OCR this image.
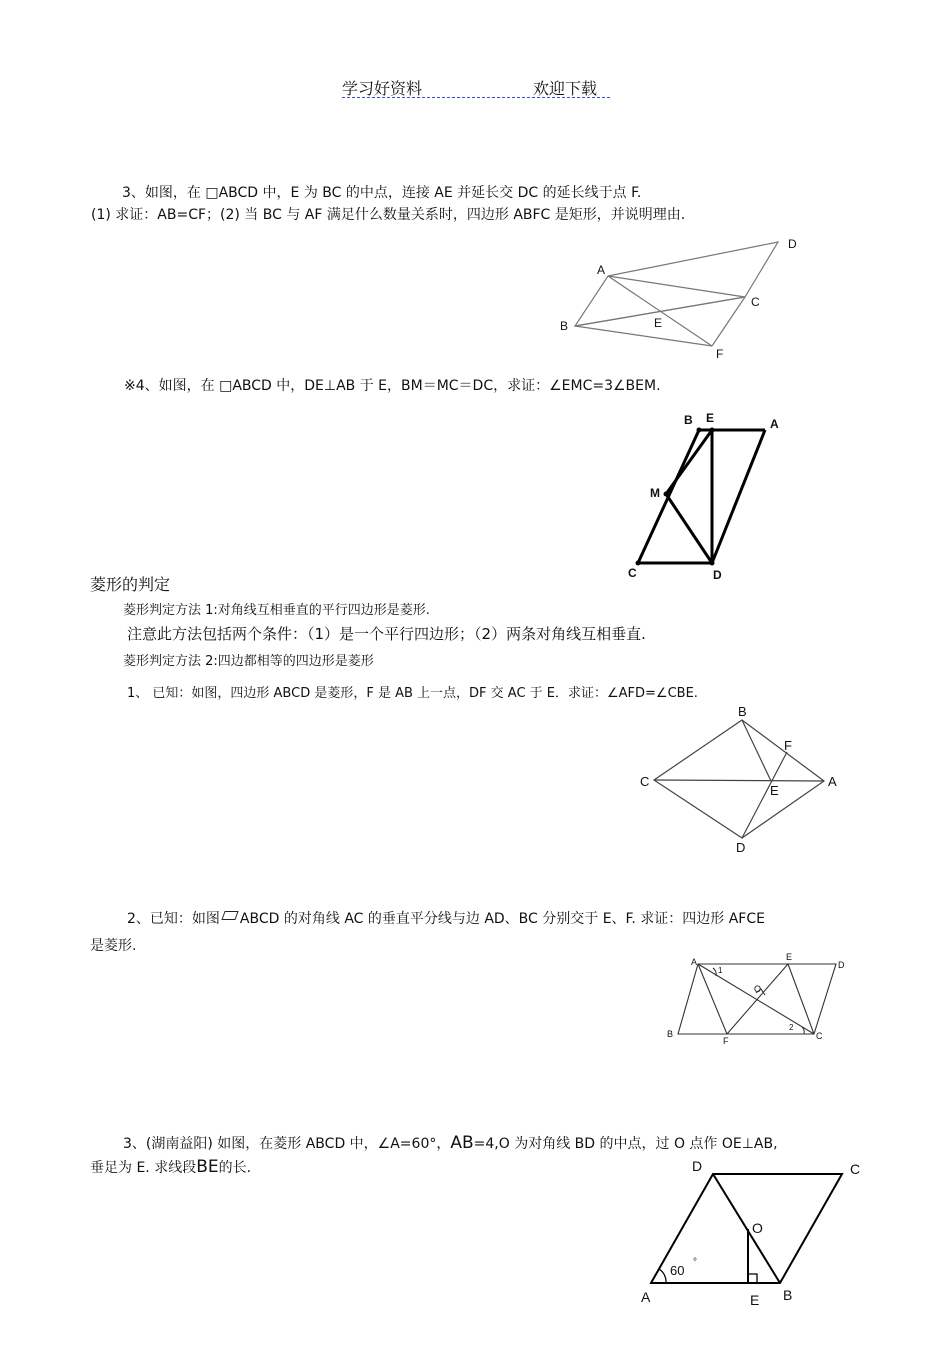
学习好资料	欢迎下载
3、如图，在 □ABCD 中，E 为 BC 的中点，连接 AE 并延长交 DC 的延长线于点 F.
(1) 求证：AB=CF；(2) 当 BC 与 AF 满足什么数量关系时，四边形 ABFC 是矩形，并说明理由.
A
B
C
D
E
F
※4、如图，在 □ABCD 中，DE⊥AB 于 E，BM＝MC＝DC，求证：∠EMC=3∠BEM.
B E	A
M
C	D
菱形的判定
菱形判定方法 1:对角线互相垂直的平行四边形是菱形.
注意此方法包括两个条件：（1）是一个平行四边形；（2）两条对角线互相垂直.
菱形判定方法 2:四边都相等的四边形是菱形
1、 已知：如图，四边形 ABCD 是菱形，F 是 AB 上一点，DF 交 AC 于 E．求证：∠AFD=∠CBE.
B
F
C	A
E
D
2、已知：如图 ABCD 的对角线 AC 的垂直平分线与边 AD、BC 分别交于 E、F. 求证：四边形 AFCE
是菱形.
A
1
E
D
O
2
B
F	C
3、(湖南益阳) 如图，在菱形 ABCD 中，∠A=60°，AB=4,O 为对角线 BD 的中点，过 O 点作 OE⊥AB,
垂足为 E. 求线段BE的长.	D	C
O
60
°
A	E B
